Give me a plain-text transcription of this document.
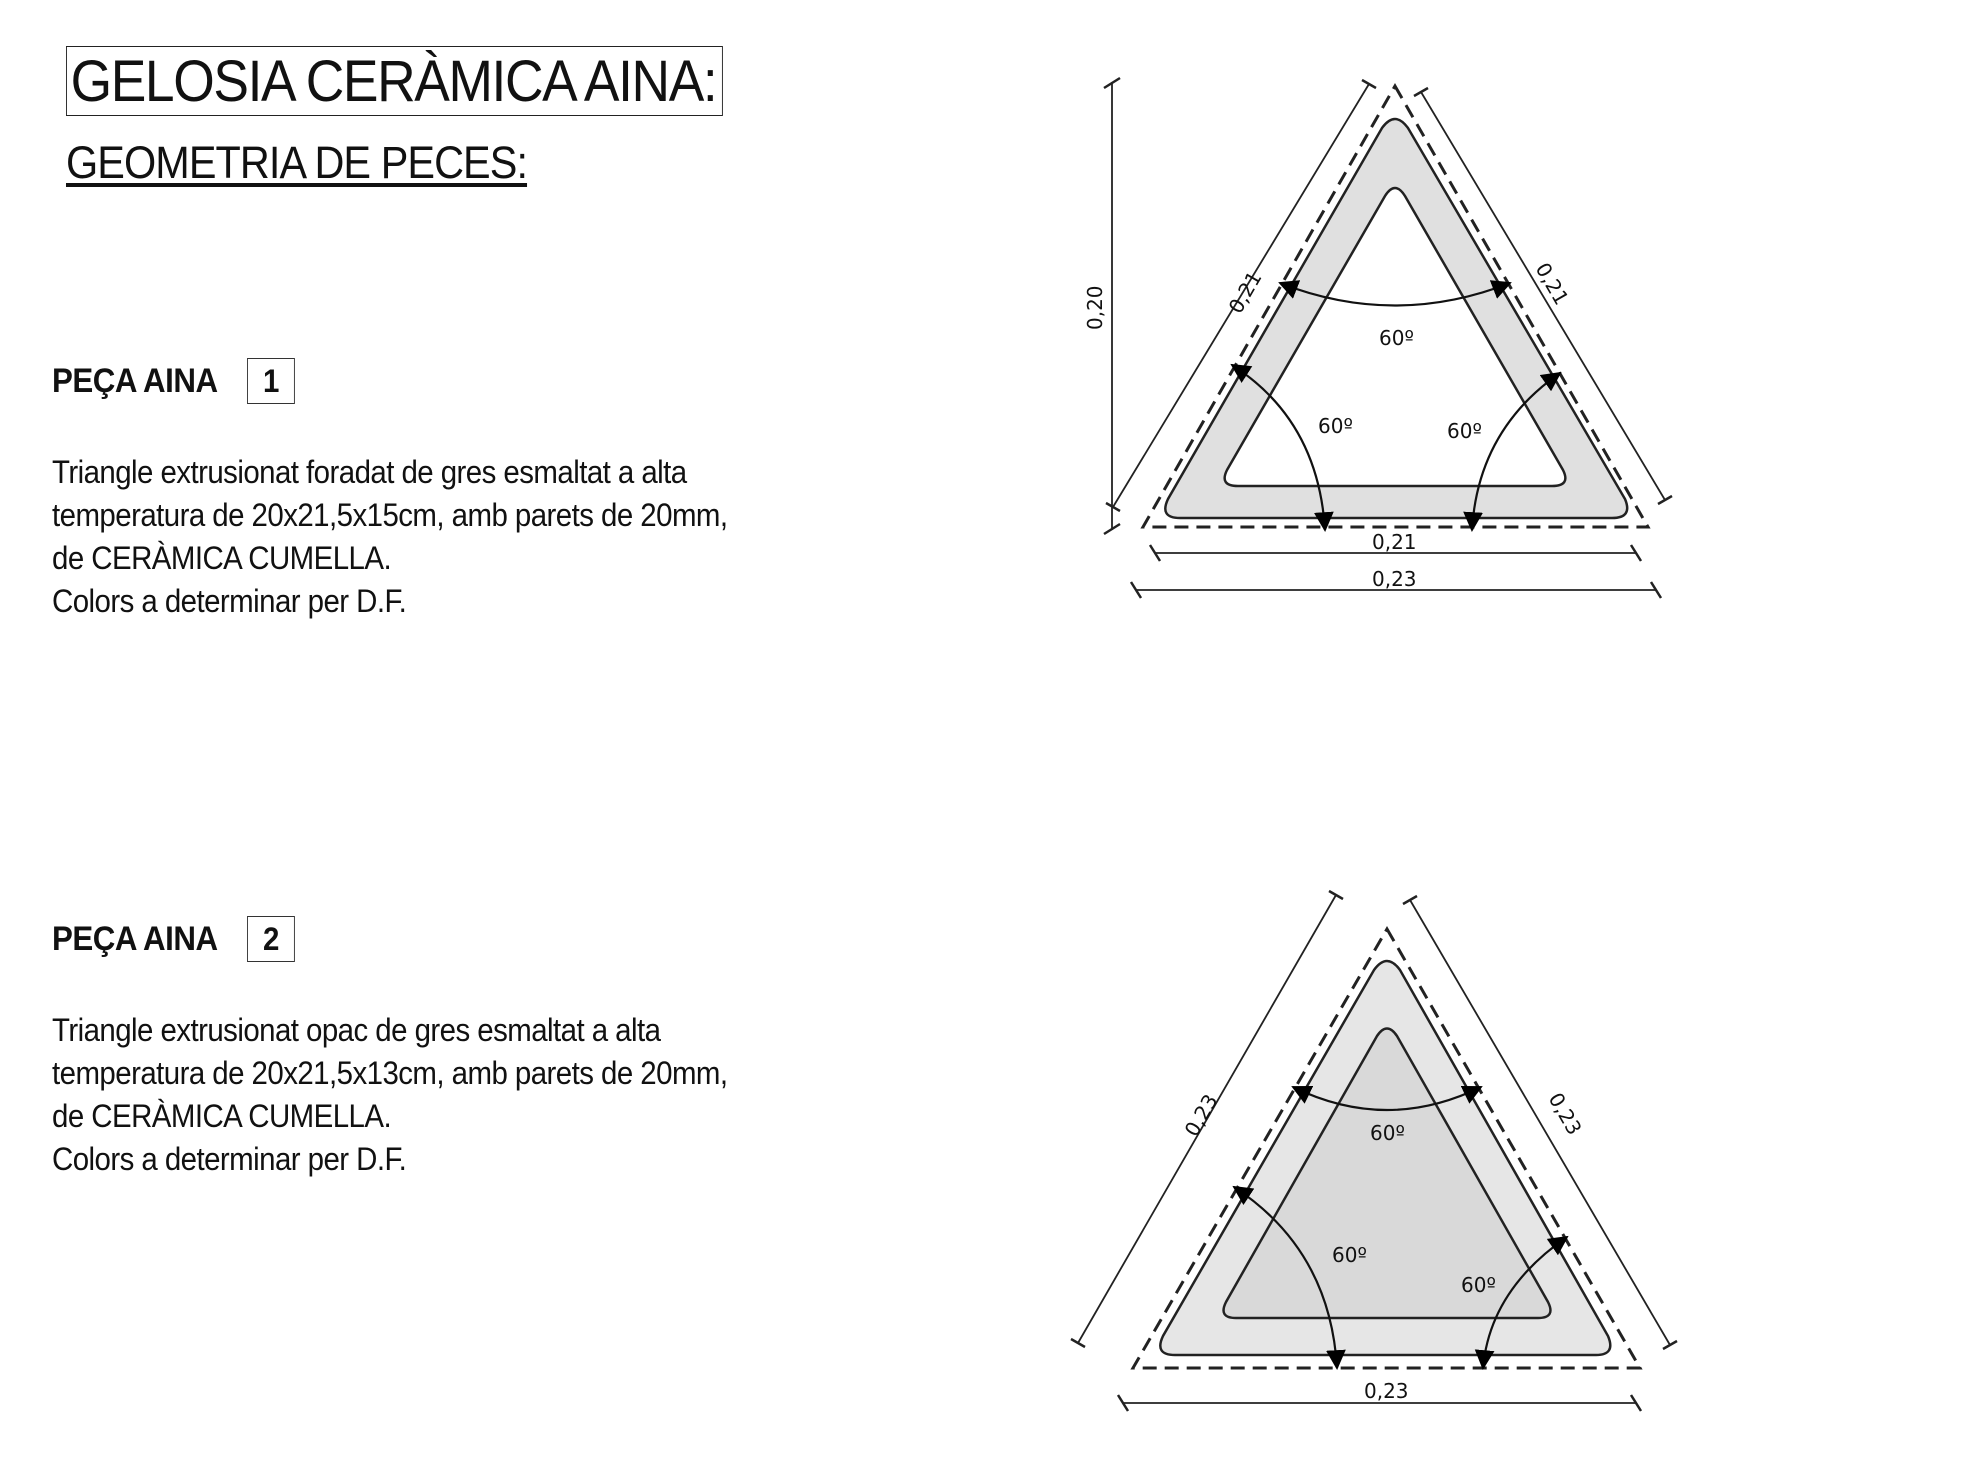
GELOSIA CERÀMICA AINA:
GEOMETRIA DE PECES:
PEÇA AINA	1
Triangle extrusionat foradat de gres esmaltat a alta
temperatura de 20x21,5x15cm, amb parets de 20mm,
de CERÀMICA CUMELLA.
Colors a determinar per D.F.
PEÇA AINA	2
Triangle extrusionat opac de gres esmaltat a alta
temperatura de 20x21,5x13cm, amb parets de 20mm,
de CERÀMICA CUMELLA.
Colors a determinar per D.F.
0,20	0,21	0,21
0,21
0,23
60º
60º	60º
0,23	0,23
0,23
60º
60º
60º
